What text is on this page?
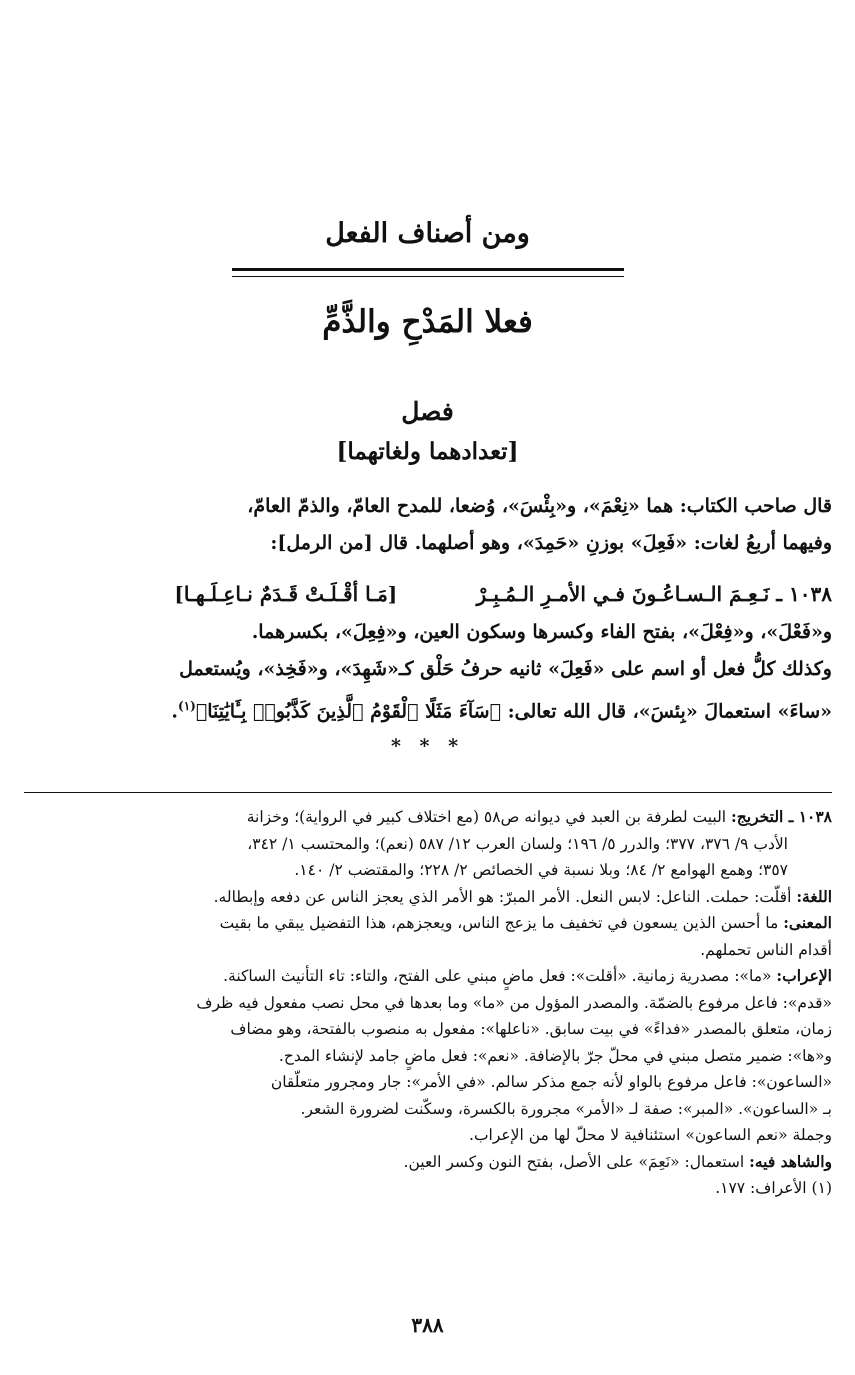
ومن أصناف الفعل
فعلا المَدْحِ والذَّمِّ
فصل
[تعدادهما ولغاتهما]

قال صاحب الكتاب: هما «نِعْمَ»، و«بِئْسَ»، وُضعا، للمدح العامّ، والذمّ العامّ،

وفيهما أربعُ لغات: «فَعِلَ» بوزنِ «حَمِدَ»، وهو أصلهما. قال [من الرمل]:

١٠٣٨ ـ نَـعِـمَ الـسـاعُـونَ فـي الأمـرِ الـمُـبِـرْ [مَـا أقْـلَـتْ قَـدَمٌ نـاعِـلَـهـا]

و«فَعْلَ»، و«فِعْلَ»، بفتح الفاء وكسرها وسكون العين، و«فِعِلَ»، بكسرهما.

وكذلك كلُّ فعل أو اسم على «فَعِلَ» ثانيه حرفُ حَلْق كـ«شَهِدَ»، و«فَخِذ»، ويُستعمل

«ساءَ» استعمالَ «بِئسَ»، قال الله تعالى: ﴿سَآءَ مَثَلًا ٱلْقَوْمُ ٱلَّذِينَ كَذَّبُوا۟ بِـَٔايَٰتِنَا﴾$^{(١)}$.

* * *

١٠٣٨ ـ التخريج: البيت لطرفة بن العبد في ديوانه ص٥٨ (مع اختلاف كبير في الرواية)؛ وخزانة

الأدب ٩/ ٣٧٦، ٣٧٧؛ والدرر ٥/ ١٩٦؛ ولسان العرب ١٢/ ٥٨٧ (نعم)؛ والمحتسب ١/ ٣٤٢،

٣٥٧؛ وهمع الهوامع ٢/ ٨٤؛ وبلا نسبة في الخصائص ٢/ ٢٢٨؛ والمقتضب ٢/ ١٤٠.

اللغة: أقلّت: حملت. الناعل: لابس النعل. الأمر المبرّ: هو الأمر الذي يعجز الناس عن دفعه وإبطاله.

المعنى: ما أحسن الذين يسعون في تخفيف ما يزعج الناس، ويعجزهم، هذا التفضيل يبقي ما بقيت

أقدام الناس تحملهم.

الإعراب: «ما»: مصدرية زمانية. «أقلت»: فعل ماضٍ مبني على الفتح، والتاء: تاء التأنيث الساكنة.

«قدم»: فاعل مرفوع بالضمّة. والمصدر المؤول من «ما» وما بعدها في محل نصب مفعول فيه ظرف

زمان، متعلق بالمصدر «فداءً» في بيت سابق. «ناعلها»: مفعول به منصوب بالفتحة، وهو مضاف

و«ها»: ضمير متصل مبني في محلّ جرّ بالإضافة. «نعم»: فعل ماضٍ جامد لإنشاء المدح.

«الساعون»: فاعل مرفوع بالواو لأنه جمع مذكر سالم. «في الأمر»: جار ومجرور متعلّقان

بـ «الساعون». «المبر»: صفة لـ «الأمر» مجرورة بالكسرة، وسكّنت لضرورة الشعر.

وجملة «نعم الساعون» استئنافية لا محلّ لها من الإعراب.

والشاهد فيه: استعمال: «نَعِمَ» على الأصل، بفتح النون وكسر العين.

(١) الأعراف: ١٧٧.

٣٨٨
